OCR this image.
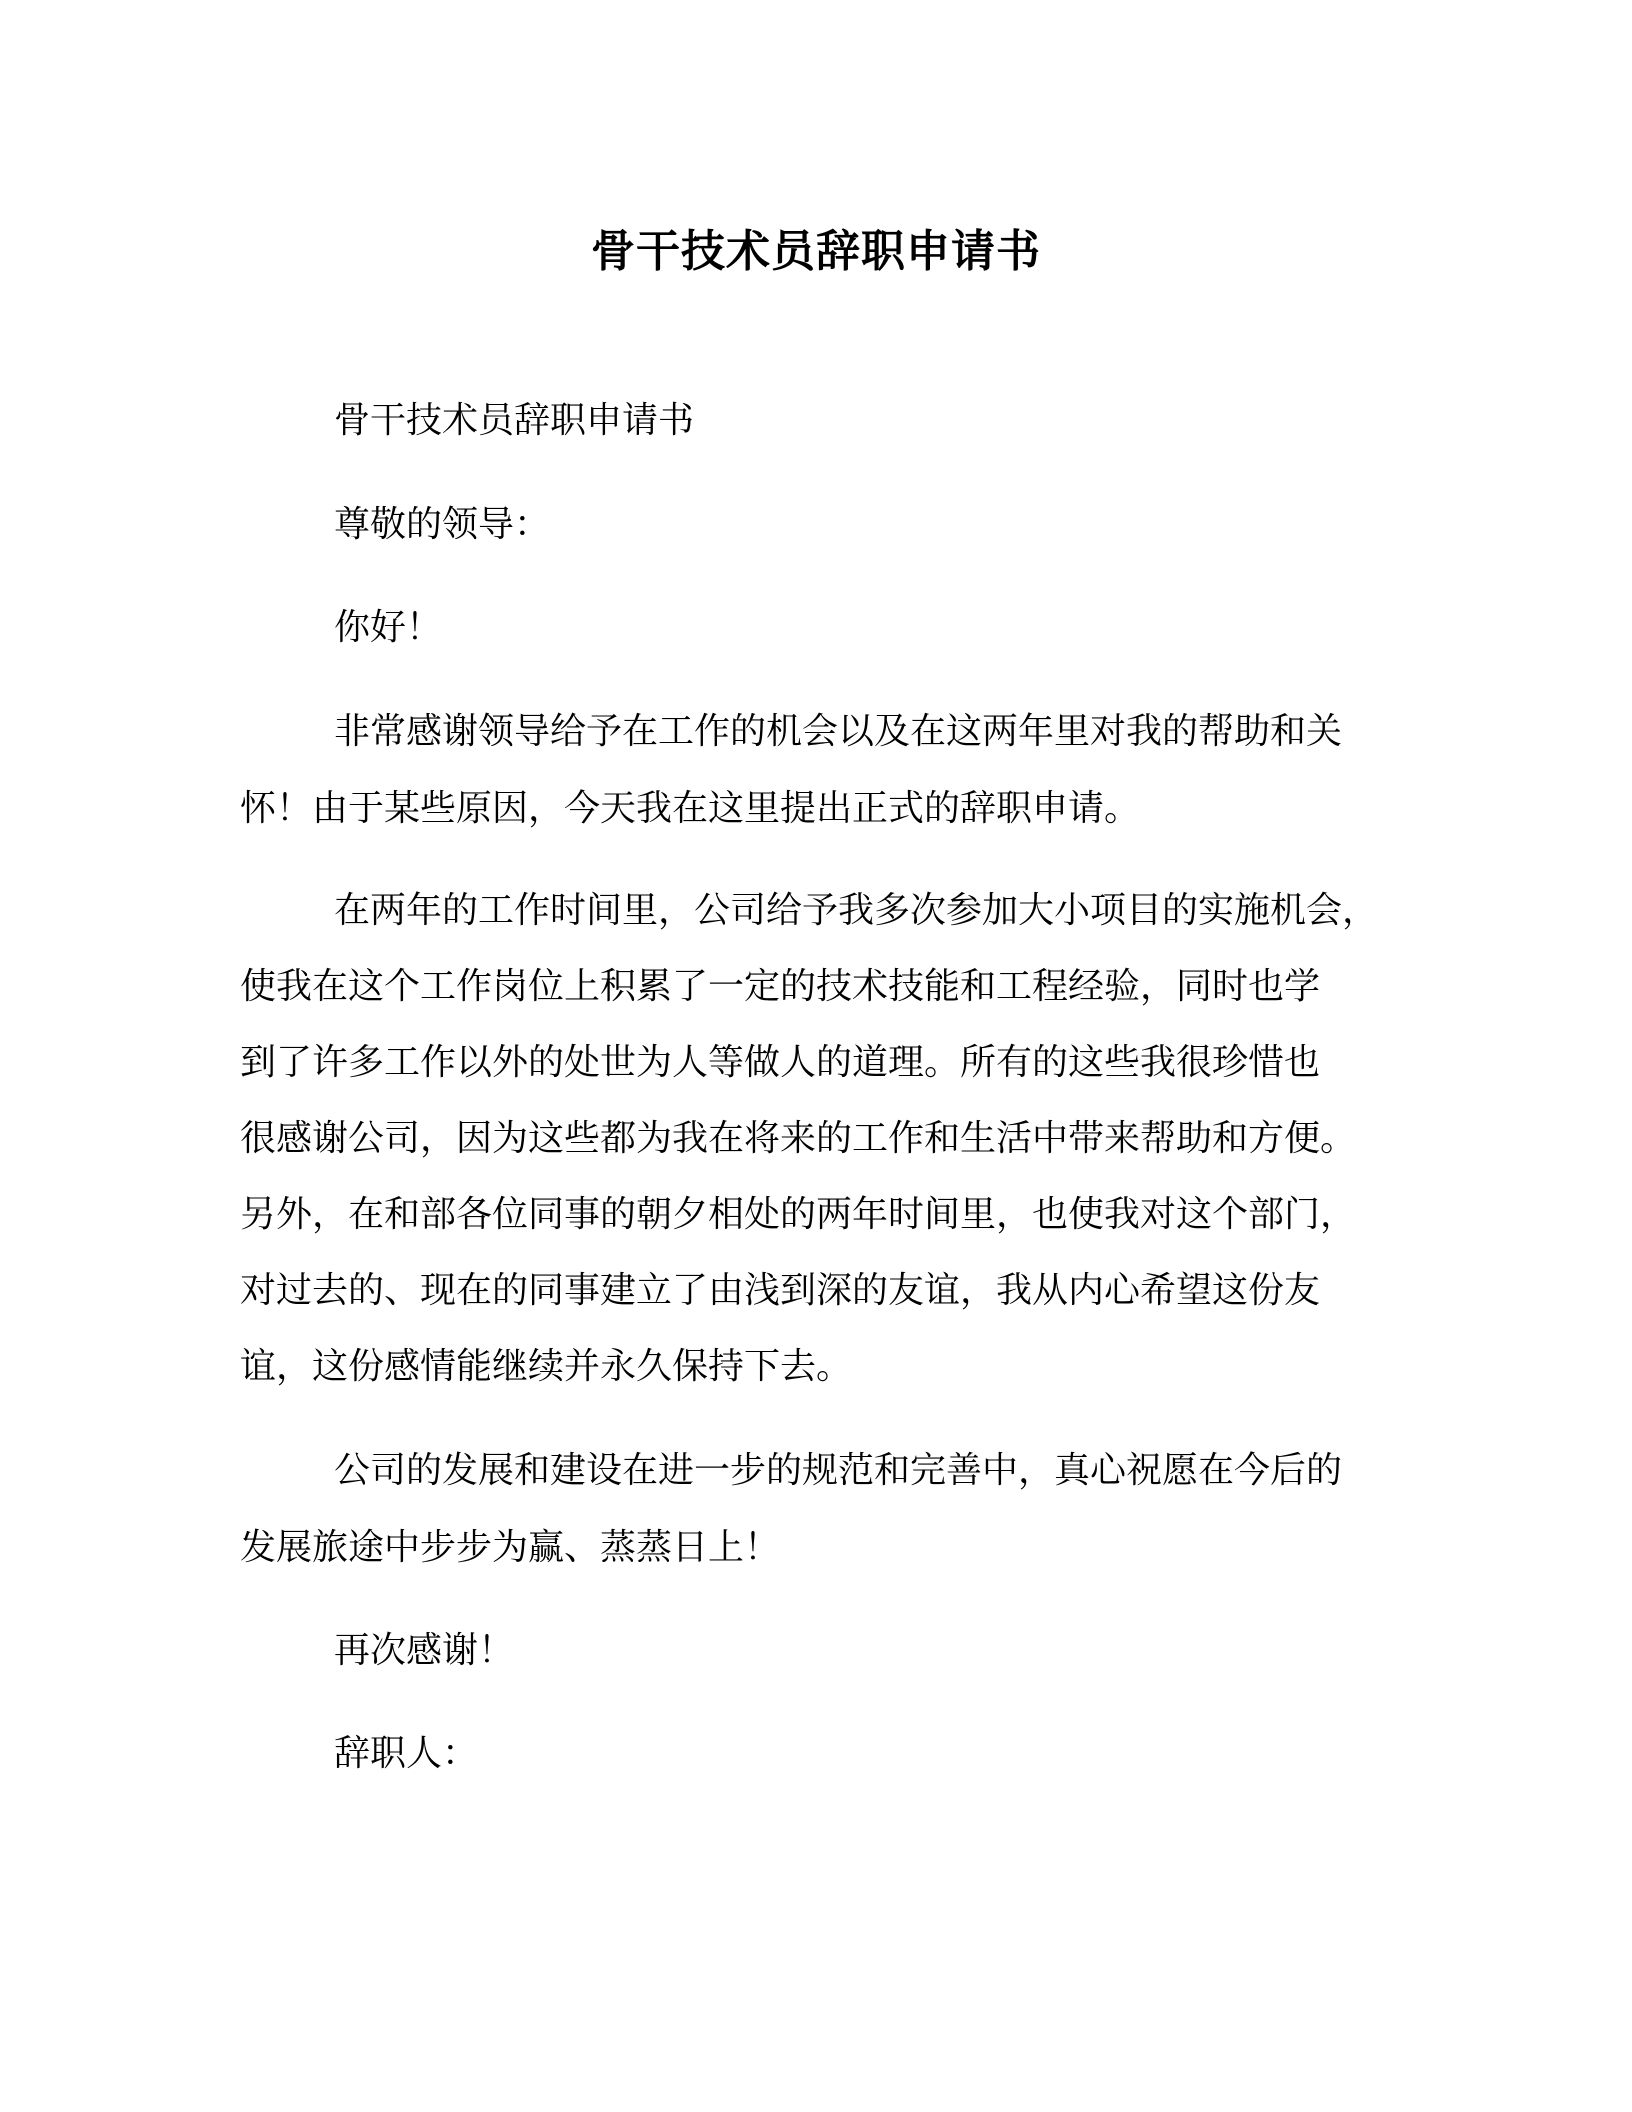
骨干技术员辞职申请书
骨干技术员辞职申请书
尊敬的领导：
你好！
非常感谢领导给予在工作的机会以及在这两年里对我的帮助和关
怀！由于某些原因，今天我在这里提出正式的辞职申请。
在两年的工作时间里，公司给予我多次参加大小项目的实施机会，
使我在这个工作岗位上积累了一定的技术技能和工程经验，同时也学
到了许多工作以外的处世为人等做人的道理。所有的这些我很珍惜也
很感谢公司，因为这些都为我在将来的工作和生活中带来帮助和方便。
另外，在和部各位同事的朝夕相处的两年时间里，也使我对这个部门，
对过去的、现在的同事建立了由浅到深的友谊，我从内心希望这份友
谊，这份感情能继续并永久保持下去。
公司的发展和建设在进一步的规范和完善中，真心祝愿在今后的
发展旅途中步步为赢、蒸蒸日上！
再次感谢！
辞职人：
